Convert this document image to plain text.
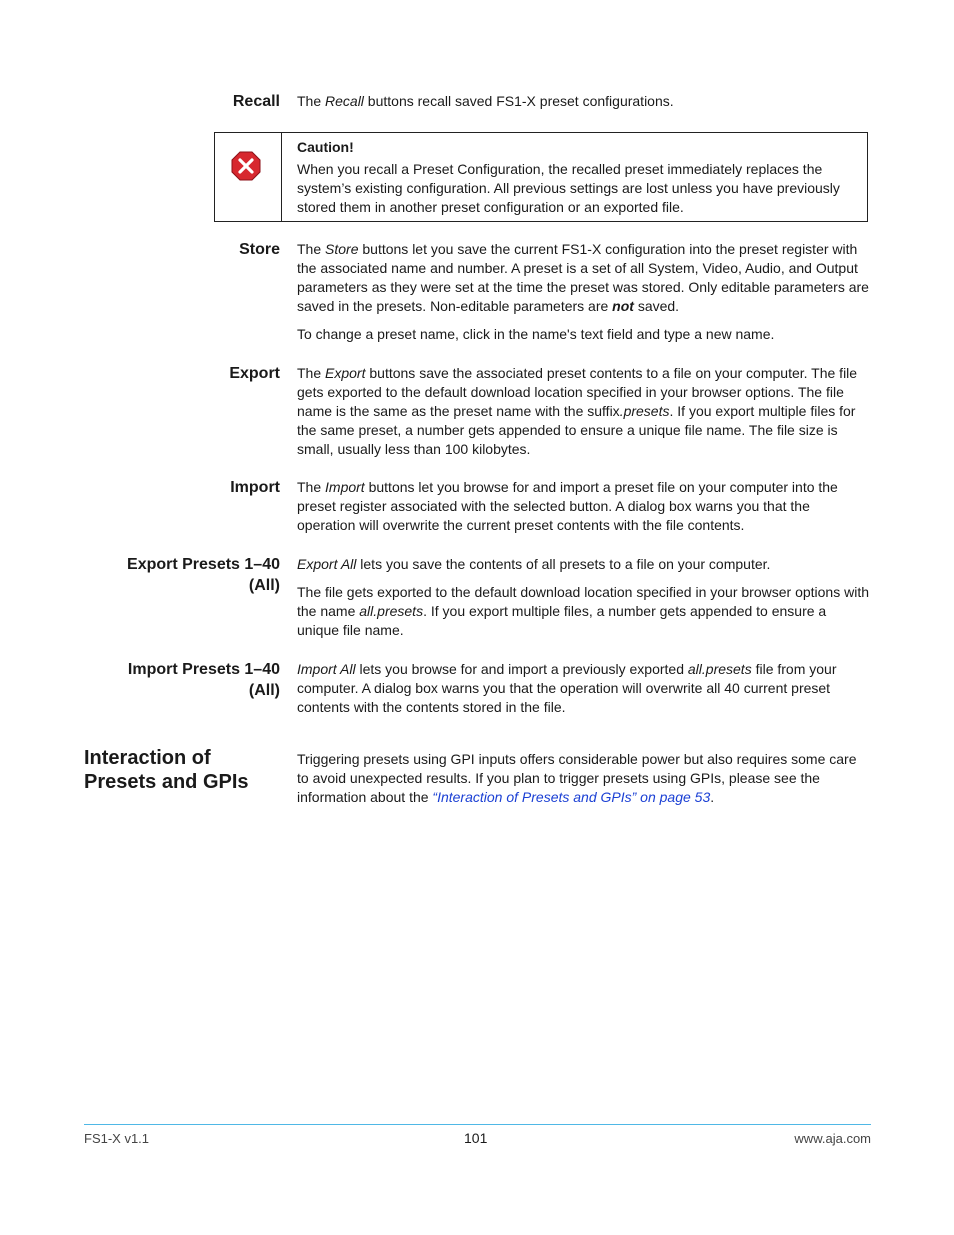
Recall The Recall buttons recall saved FS1-X preset configurations.

Caution!
When you recall a Preset Configuration, the recalled preset immediately replaces the system’s existing configuration. All previous settings are lost unless you have previously stored them in another preset configuration or an exported file.
Store The Store buttons let you save the current FS1-X configuration into the preset register with the associated name and number. A preset is a set of all System, Video, Audio, and Output parameters as they were set at the time the preset was stored. Only editable parameters are saved in the presets. Non-editable parameters are not saved.

To change a preset name, click in the name's text field and type a new name.

Export The Export buttons save the associated preset contents to a file on your computer. The file gets exported to the default download location specified in your browser options. The file name is the same as the preset name with the suffix.presets. If you export multiple files for the same preset, a number gets appended to ensure a unique file name. The file size is small, usually less than 100 kilobytes.

Import The Import buttons let you browse for and import a preset file on your computer into the preset register associated with the selected button. A dialog box warns you that the operation will overwrite the current preset contents with the file contents.

Export Presets 1–40
(All)

Export All lets you save the contents of all presets to a file on your computer.

The file gets exported to the default download location specified in your browser options with the name all.presets. If you export multiple files, a number gets appended to ensure a unique file name.

Import Presets 1–40
(All)

Import All lets you browse for and import a previously exported all.presets file from your computer. A dialog box warns you that the operation will overwrite all 40 current preset contents with the contents stored in the file.

Interaction of
Presets and GPIs

Triggering presets using GPI inputs offers considerable power but also requires some care to avoid unexpected results. If you plan to trigger presets using GPIs, please see the information about the “Interaction of Presets and GPIs” on page 53.

FS1-X v1.1	101	www.aja.com
